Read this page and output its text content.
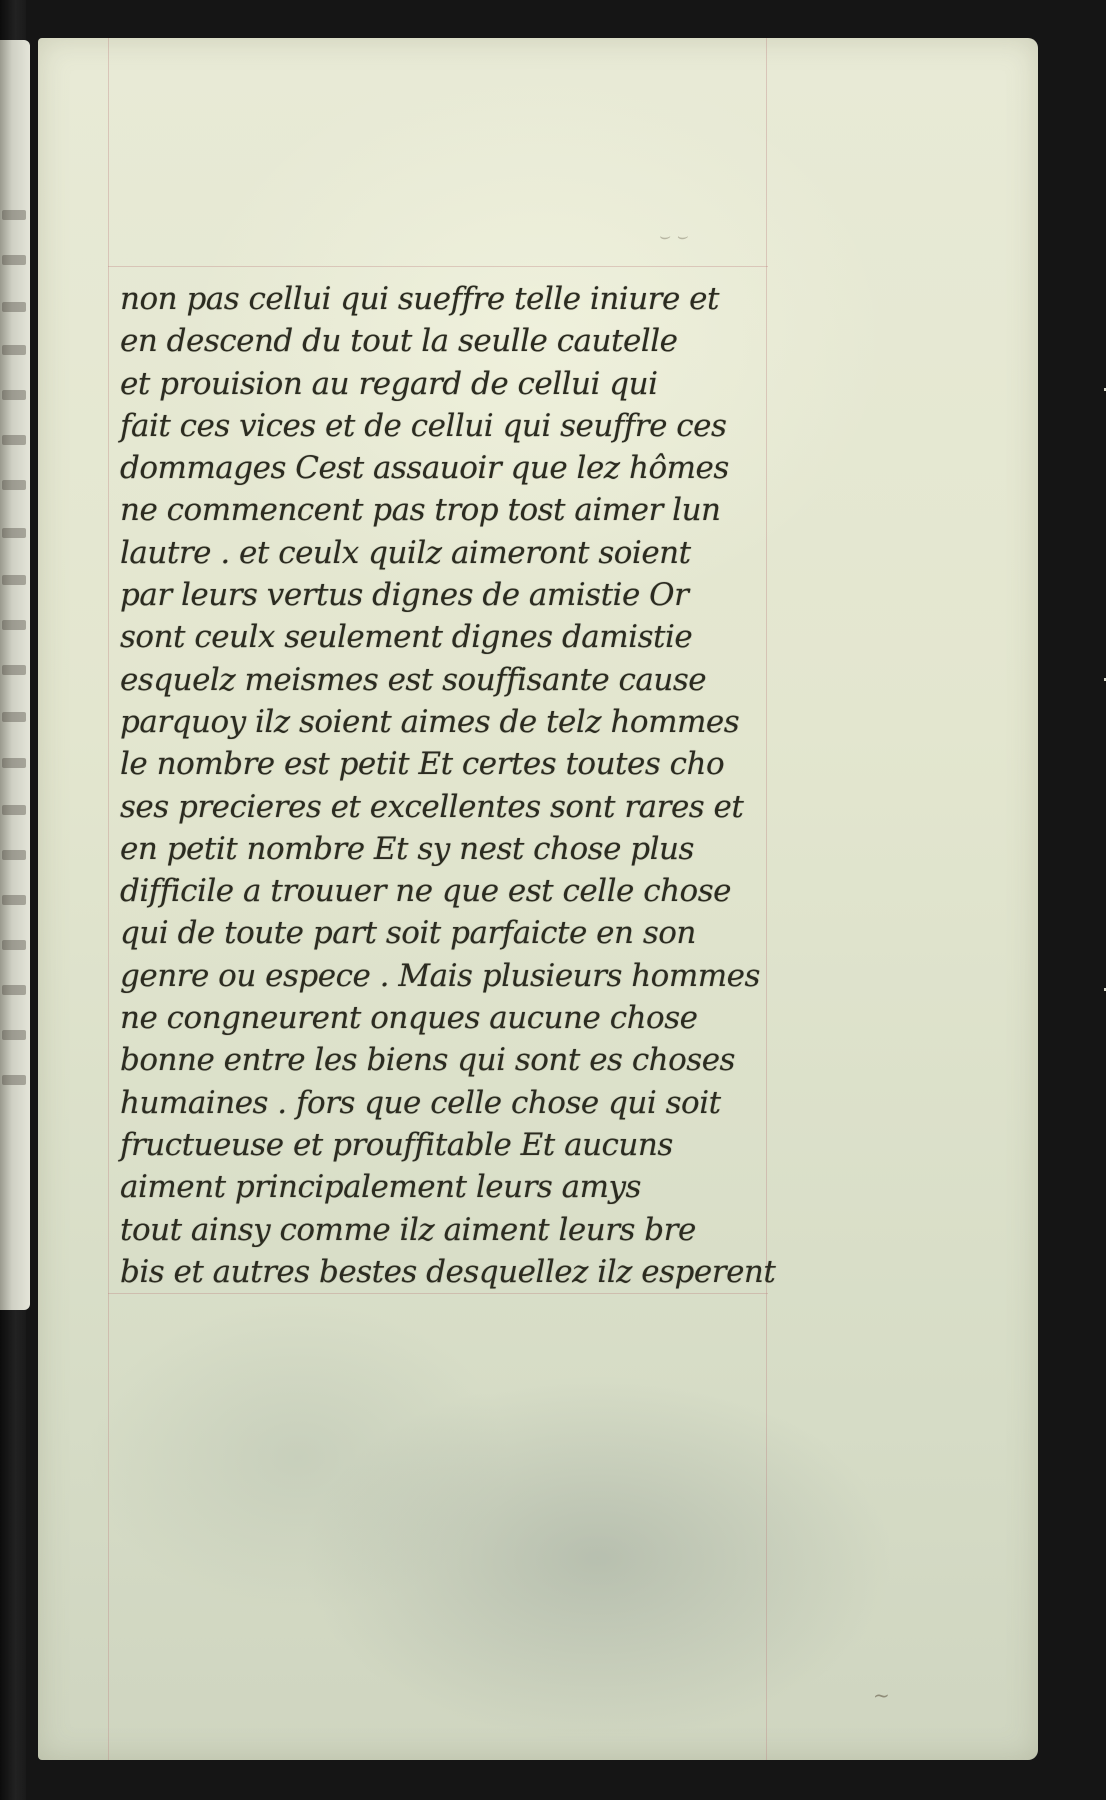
⌣ ⌣
non pas cellui qui sueffre telle iniure et
en descend du tout la seulle cautelle
et prouision au regard de cellui qui
fait ces vices et de cellui qui seuffre ces
dommages Cest assauoir que lez hômes
ne commencent pas trop tost aimer lun
lautre . et ceulx quilz aimeront soient
par leurs vertus dignes de amistie Or
sont ceulx seulement dignes damistie
esquelz meismes est souffisante cause
parquoy ilz soient aimes de telz hommes
le nombre est petit Et certes toutes cho
ses precieres et excellentes sont rares et
en petit nombre Et sy nest chose plus
difficile a trouuer ne que est celle chose
qui de toute part soit parfaicte en son
genre ou espece . Mais plusieurs hommes
ne congneurent onques aucune chose
bonne entre les biens qui sont es choses
humaines . fors que celle chose qui soit
fructueuse et prouffitable Et aucuns
aiment principalement leurs amys
tout ainsy comme ilz aiment leurs bre
bis et autres bestes desquellez ilz esperent
~
